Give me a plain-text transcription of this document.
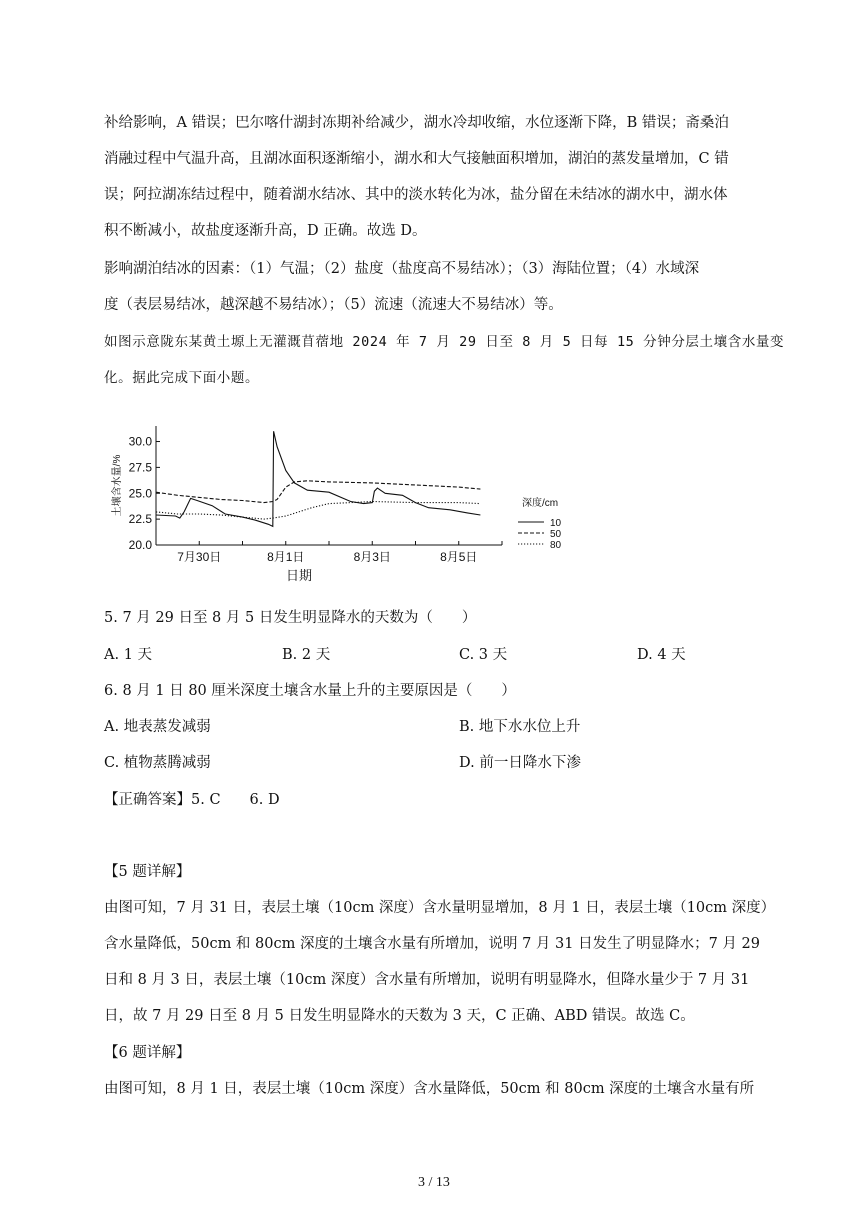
补给影响，A 错误；巴尔喀什湖封冻期补给减少，湖水冷却收缩，水位逐渐下降，B 错误；斋桑泊
消融过程中气温升高，且湖冰面积逐渐缩小，湖水和大气接触面积增加，湖泊的蒸发量增加，C 错
误；阿拉湖冻结过程中，随着湖水结冰、其中的淡水转化为冰，盐分留在未结冰的湖水中，湖水体
积不断减小，故盐度逐渐升高，D 正确。故选 D。
影响湖泊结冰的因素：（1）气温；（2）盐度（盐度高不易结冰）；（3）海陆位置；（4）水域深
度（表层易结冰，越深越不易结冰）；（5）流速（流速大不易结冰）等。
如图示意陇东某黄土塬上无灌溉苜蓿地 2024 年 7 月 29 日至 8 月 5 日每 15 分钟分层土壤含水量变
化。据此完成下面小题。
20.0
22.5
25.0
27.5
30.0
7月30日	8月1日	8月3日	8月5日
日期
土壤含水量/%	深度/cm
10
50
80
5. 7 月 29 日至 8 月 5 日发生明显降水的天数为（　　）
A. 1 天	B. 2 天	C. 3 天	D. 4 天
6. 8 月 1 日 80 厘米深度土壤含水量上升的主要原因是（　　）
A. 地表蒸发减弱	B. 地下水水位上升
C. 植物蒸腾减弱	D. 前一日降水下渗
【正确答案】5. C　　6. D
【5 题详解】
由图可知，7 月 31 日，表层土壤（10cm 深度）含水量明显增加，8 月 1 日，表层土壤（10cm 深度）
含水量降低，50cm 和 80cm 深度的土壤含水量有所增加，说明 7 月 31 日发生了明显降水；7 月 29
日和 8 月 3 日，表层土壤（10cm 深度）含水量有所增加，说明有明显降水，但降水量少于 7 月 31
日，故 7 月 29 日至 8 月 5 日发生明显降水的天数为 3 天，C 正确、ABD 错误。故选 C。
【6 题详解】
由图可知，8 月 1 日，表层土壤（10cm 深度）含水量降低，50cm 和 80cm 深度的土壤含水量有所
3 / 13
